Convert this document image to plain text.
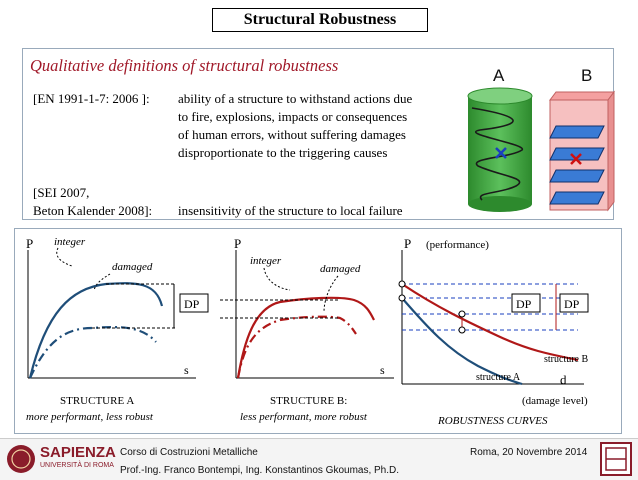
Structural Robustness
Qualitative definitions of structural robustness
[EN 1991-1-7: 2006 ]: ability of a structure to withstand actions due
to fire, explosions, impacts or consequences
of human errors, without suffering damages
disproportionate to the triggering causes
[SEI 2007,
Beton Kalender 2008]: insensitivity of the structure to local failure
A	B
P integer
damaged
s
DP
STRUCTURE A
more performant, less robust
P
integer
damaged
s
STRUCTURE B:
less performant, more robust
P (performance)
d
(damage level)
DP	DP
structure B
structure A
ROBUSTNESS CURVES
SAPIENZA
UNIVERSITÀ DI ROMA
Corso di Costruzioni Metalliche
Prof.-Ing. Franco Bontempi, Ing. Konstantinos Gkoumas, Ph.D.
Roma, 20 Novembre 2014
